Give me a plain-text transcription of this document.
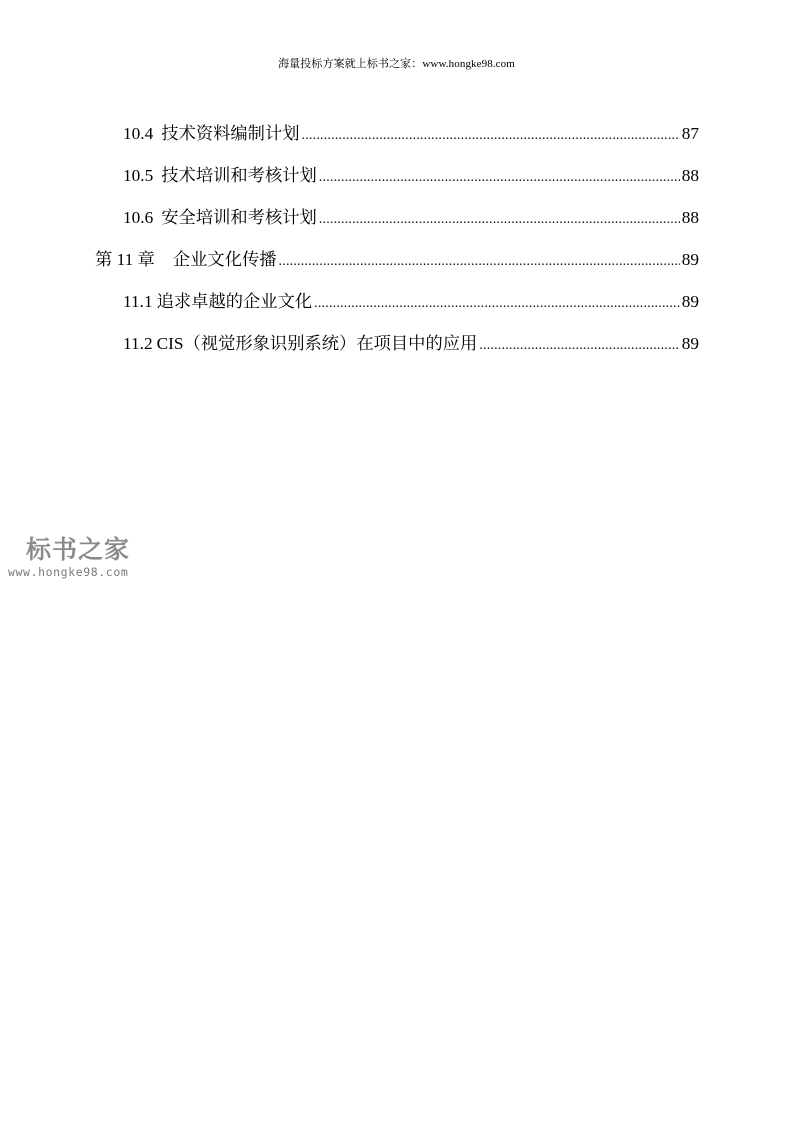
海量投标方案就上标书之家：www.hongke98.com
10.4 技术资料编制计划 .....	87
10.5 技术培训和考核计划 .....	88
10.6 安全培训和考核计划 .....	88
第 11 章 企业文化传播 .....	89
11.1 追求卓越的企业文化 .....	89
11.2 CIS（视觉形象识别系统）在项目中的应用 .....	89
标书之家
www.hongke98.com
